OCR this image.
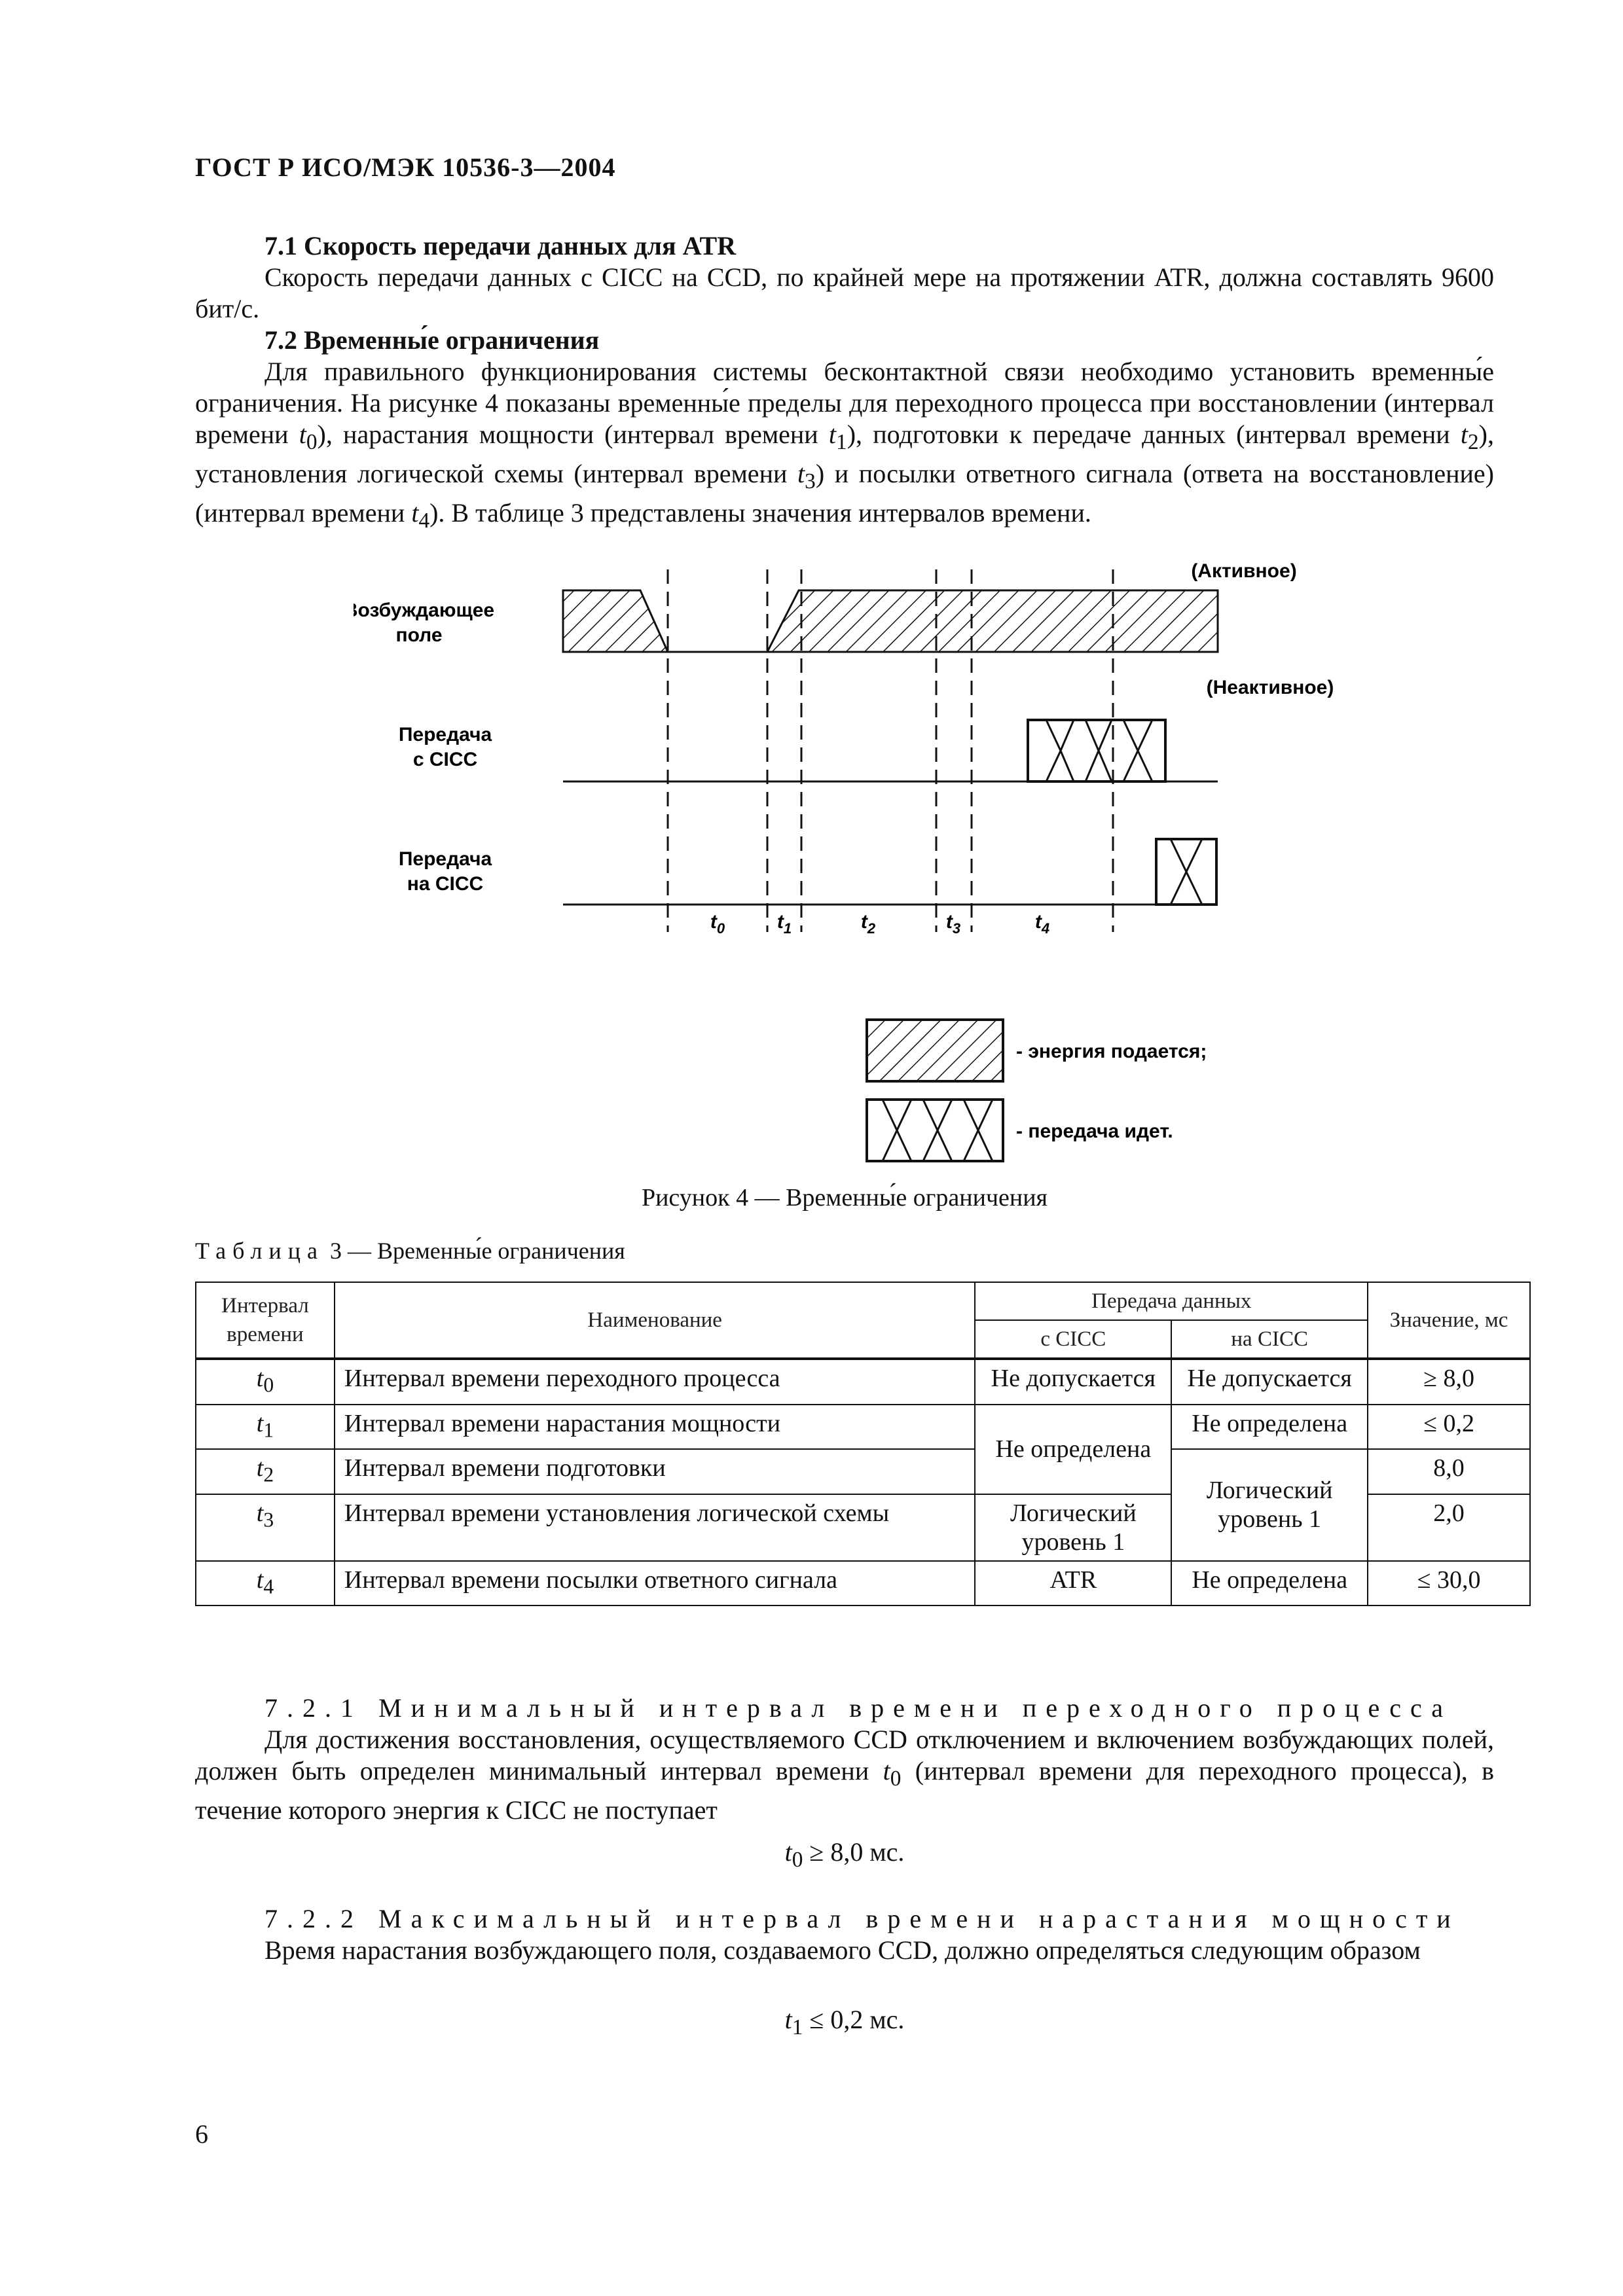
ГОСТ Р ИСО/МЭК 10536-3—2004
7.1 Скорость передачи данных для ATR

Скорость передачи данных с CICC на CCD, по крайней мере на протяжении ATR, должна составлять 9600 бит/с.

7.2 Временны́е ограничения

Для правильного функционирования системы бесконтактной связи необходимо установить временны́е ограничения. На рисунке 4 показаны временны́е пределы для переходного процесса при восстановлении (интервал времени $t_0$), нарастания мощности (интервал времени $t_1$), подготовки к передаче данных (интервал времени $t_2$), установления логической схемы (интервал времени $t_3$) и посылки ответного сигнала (ответа на восстановление) (интервал времени $t_4$). В таблице 3 представлены значения интервалов времени.

Возбуждающее
поле
(Активное)
(Неактивное)
Передача
с CICC
Передача
на CICC
$t_0$	$t_1$	$t_2$	$t_3$	$t_4$
- энергия подается;
- передача идет.
Рисунок 4 — Временны́е ограничения
Таблица 3 — Временны́е ограничения
Интервал времени	Наименование	Передача данных		Значение, мс
		с CICC	на CICC	
$t_0$	Интервал времени переходного процесса	Не допускается	Не допускается	≥ 8,0
$t_1$	Интервал времени нарастания мощности	Не определена	Не определена	≤ 0,2
$t_2$	Интервал времени подготовки		Логический уровень 1	8,0
$t_3$	Интервал времени установления логической схемы	Логический уровень 1		2,0
$t_4$	Интервал времени посылки ответного сигнала	ATR	Не определена	≤ 30,0

7.2.1 Минимальный интервал времени переходного процесса

Для достижения восстановления, осуществляемого CCD отключением и включением возбуждающих полей, должен быть определен минимальный интервал времени $t_0$ (интервал времени для переходного процесса), в течение которого энергия к CICC не поступает

$t_0 \ge 8,0$ мс.

7.2.2 Максимальный интервал времени нарастания мощности

Время нарастания возбуждающего поля, создаваемого CCD, должно определяться следующим образом

$t_1 \le 0,2$ мс.
6
